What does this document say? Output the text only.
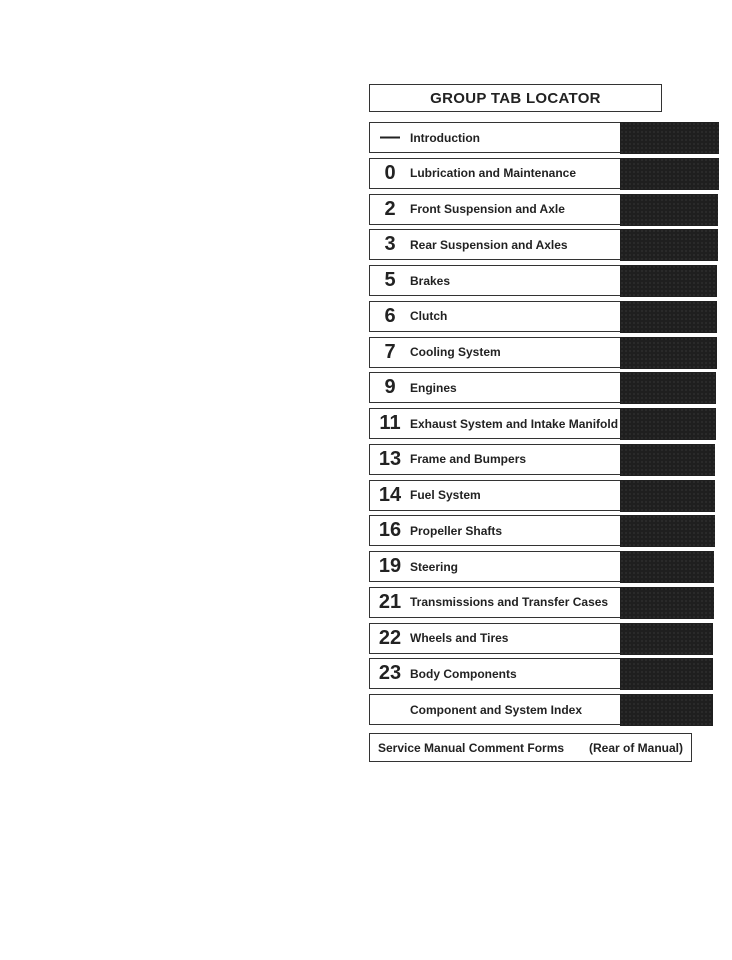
GROUP TAB LOCATOR
— Introduction
0	Lubrication and Maintenance
2	Front Suspension and Axle
3	Rear Suspension and Axles
5	Brakes
6	Clutch
7	Cooling System
9	Engines
11 Exhaust System and Intake Manifold
13 Frame and Bumpers
14 Fuel System
16 Propeller Shafts
19 Steering
21 Transmissions and Transfer Cases
22 Wheels and Tires
23 Body Components
Component and System Index
Service Manual Comment Forms (Rear of Manual)
